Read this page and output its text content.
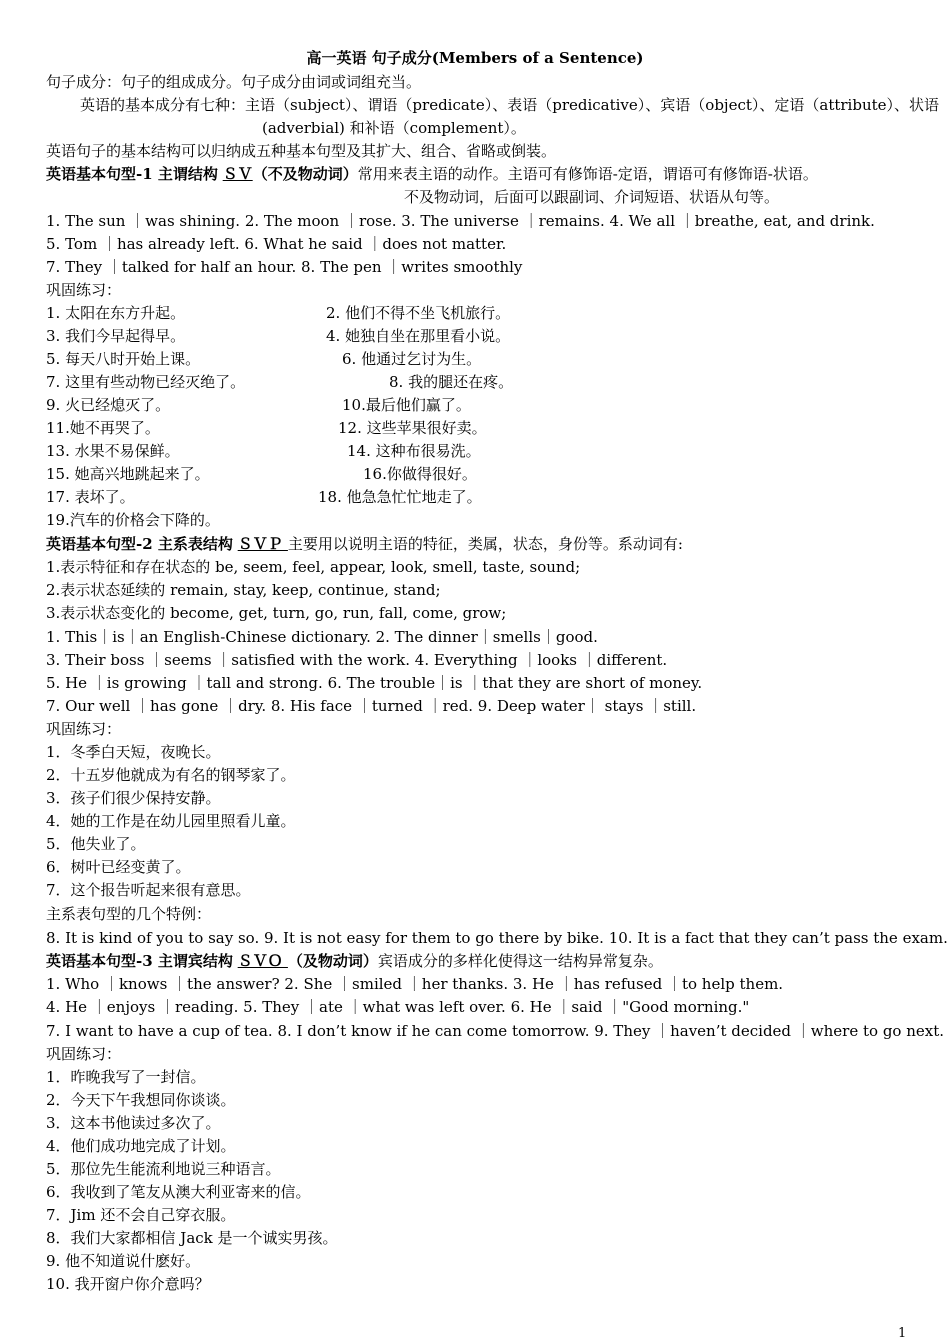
高一英语 句子成分(Members of a Sentence)
句子成分：句子的组成成分。句子成分由词或词组充当。
英语的基本成分有七种：主语（subject）、谓语（predicate）、表语（predicative）、宾语（object）、定语（attribute）、状语
(adverbial) 和补语（complement）。
英语句子的基本结构可以归纳成五种基本句型及其扩大、组合、省略或倒装。
英语基本句型-1 主谓结构 ＳＶ（不及物动词）常用来表主语的动作。主语可有修饰语-定语，谓语可有修饰语-状语。
不及物动词，后面可以跟副词、介词短语、状语从句等。
1. The sun ｜was shining. 2. The moon ｜rose. 3. The universe ｜remains. 4. We all ｜breathe, eat, and drink.
5. Tom ｜has already left. 6. What he said ｜does not matter.
7. They ｜talked for half an hour. 8. The pen ｜writes smoothly
巩固练习：
1. 太阳在东方升起。	2. 他们不得不坐飞机旅行。
3. 我们今早起得早。	4. 她独自坐在那里看小说。
5. 每天八时开始上课。	6. 他通过乞讨为生。
7. 这里有些动物已经灭绝了。	8. 我的腿还在疼。
9. 火已经熄灭了。	10.最后他们赢了。
11.她不再哭了。	12. 这些苹果很好卖。
13. 水果不易保鲜。	14. 这种布很易洗。
15. 她高兴地跳起来了。	16.你做得很好。
17. 表坏了。	18. 他急急忙忙地走了。
19.汽车的价格会下降的。
英语基本句型-2 主系表结构 ＳＶＰ 主要用以说明主语的特征，类属，状态，身份等。系动词有:
1.表示特征和存在状态的 be, seem, feel, appear, look, smell, taste, sound;
2.表示状态延续的 remain, stay, keep, continue, stand;
3.表示状态变化的 become, get, turn, go, run, fall, come, grow;
1. This｜is｜an English-Chinese dictionary. 2. The dinner｜smells｜good.
3. Their boss ｜seems ｜satisfied with the work. 4. Everything ｜looks ｜different.
5. He ｜is growing ｜tall and strong. 6. The trouble｜is ｜that they are short of money.
7. Our well ｜has gone ｜dry. 8. His face ｜turned ｜red. 9. Deep water｜ stays ｜still.
巩固练习：
1．冬季白天短，夜晚长。
2．十五岁他就成为有名的钢琴家了。
3．孩子们很少保持安静。
4．她的工作是在幼儿园里照看儿童。
5．他失业了。
6．树叶已经变黄了。
7．这个报告听起来很有意思。
主系表句型的几个特例：
8. It is kind of you to say so. 9. It is not easy for them to go there by bike. 10. It is a fact that they can’t pass the exam.
英语基本句型-3 主谓宾结构 ＳＶＯ （及物动词）宾语成分的多样化使得这一结构异常复杂。
1. Who ｜knows ｜the answer? 2. She ｜smiled ｜her thanks. 3. He ｜has refused ｜to help them.
4. He ｜enjoys ｜reading. 5. They ｜ate ｜what was left over. 6. He ｜said ｜"Good morning."
7. I want to have a cup of tea. 8. I don’t know if he can come tomorrow. 9. They ｜haven’t decided ｜where to go next.
巩固练习：
1．昨晚我写了一封信。
2．今天下午我想同你谈谈。
3．这本书他读过多次了。
4．他们成功地完成了计划。
5．那位先生能流利地说三种语言。
6．我收到了笔友从澳大利亚寄来的信。
7．Jim 还不会自己穿衣服。
8．我们大家都相信 Jack 是一个诚实男孩。
9. 他不知道说什麽好。
10. 我开窗户你介意吗？
1
